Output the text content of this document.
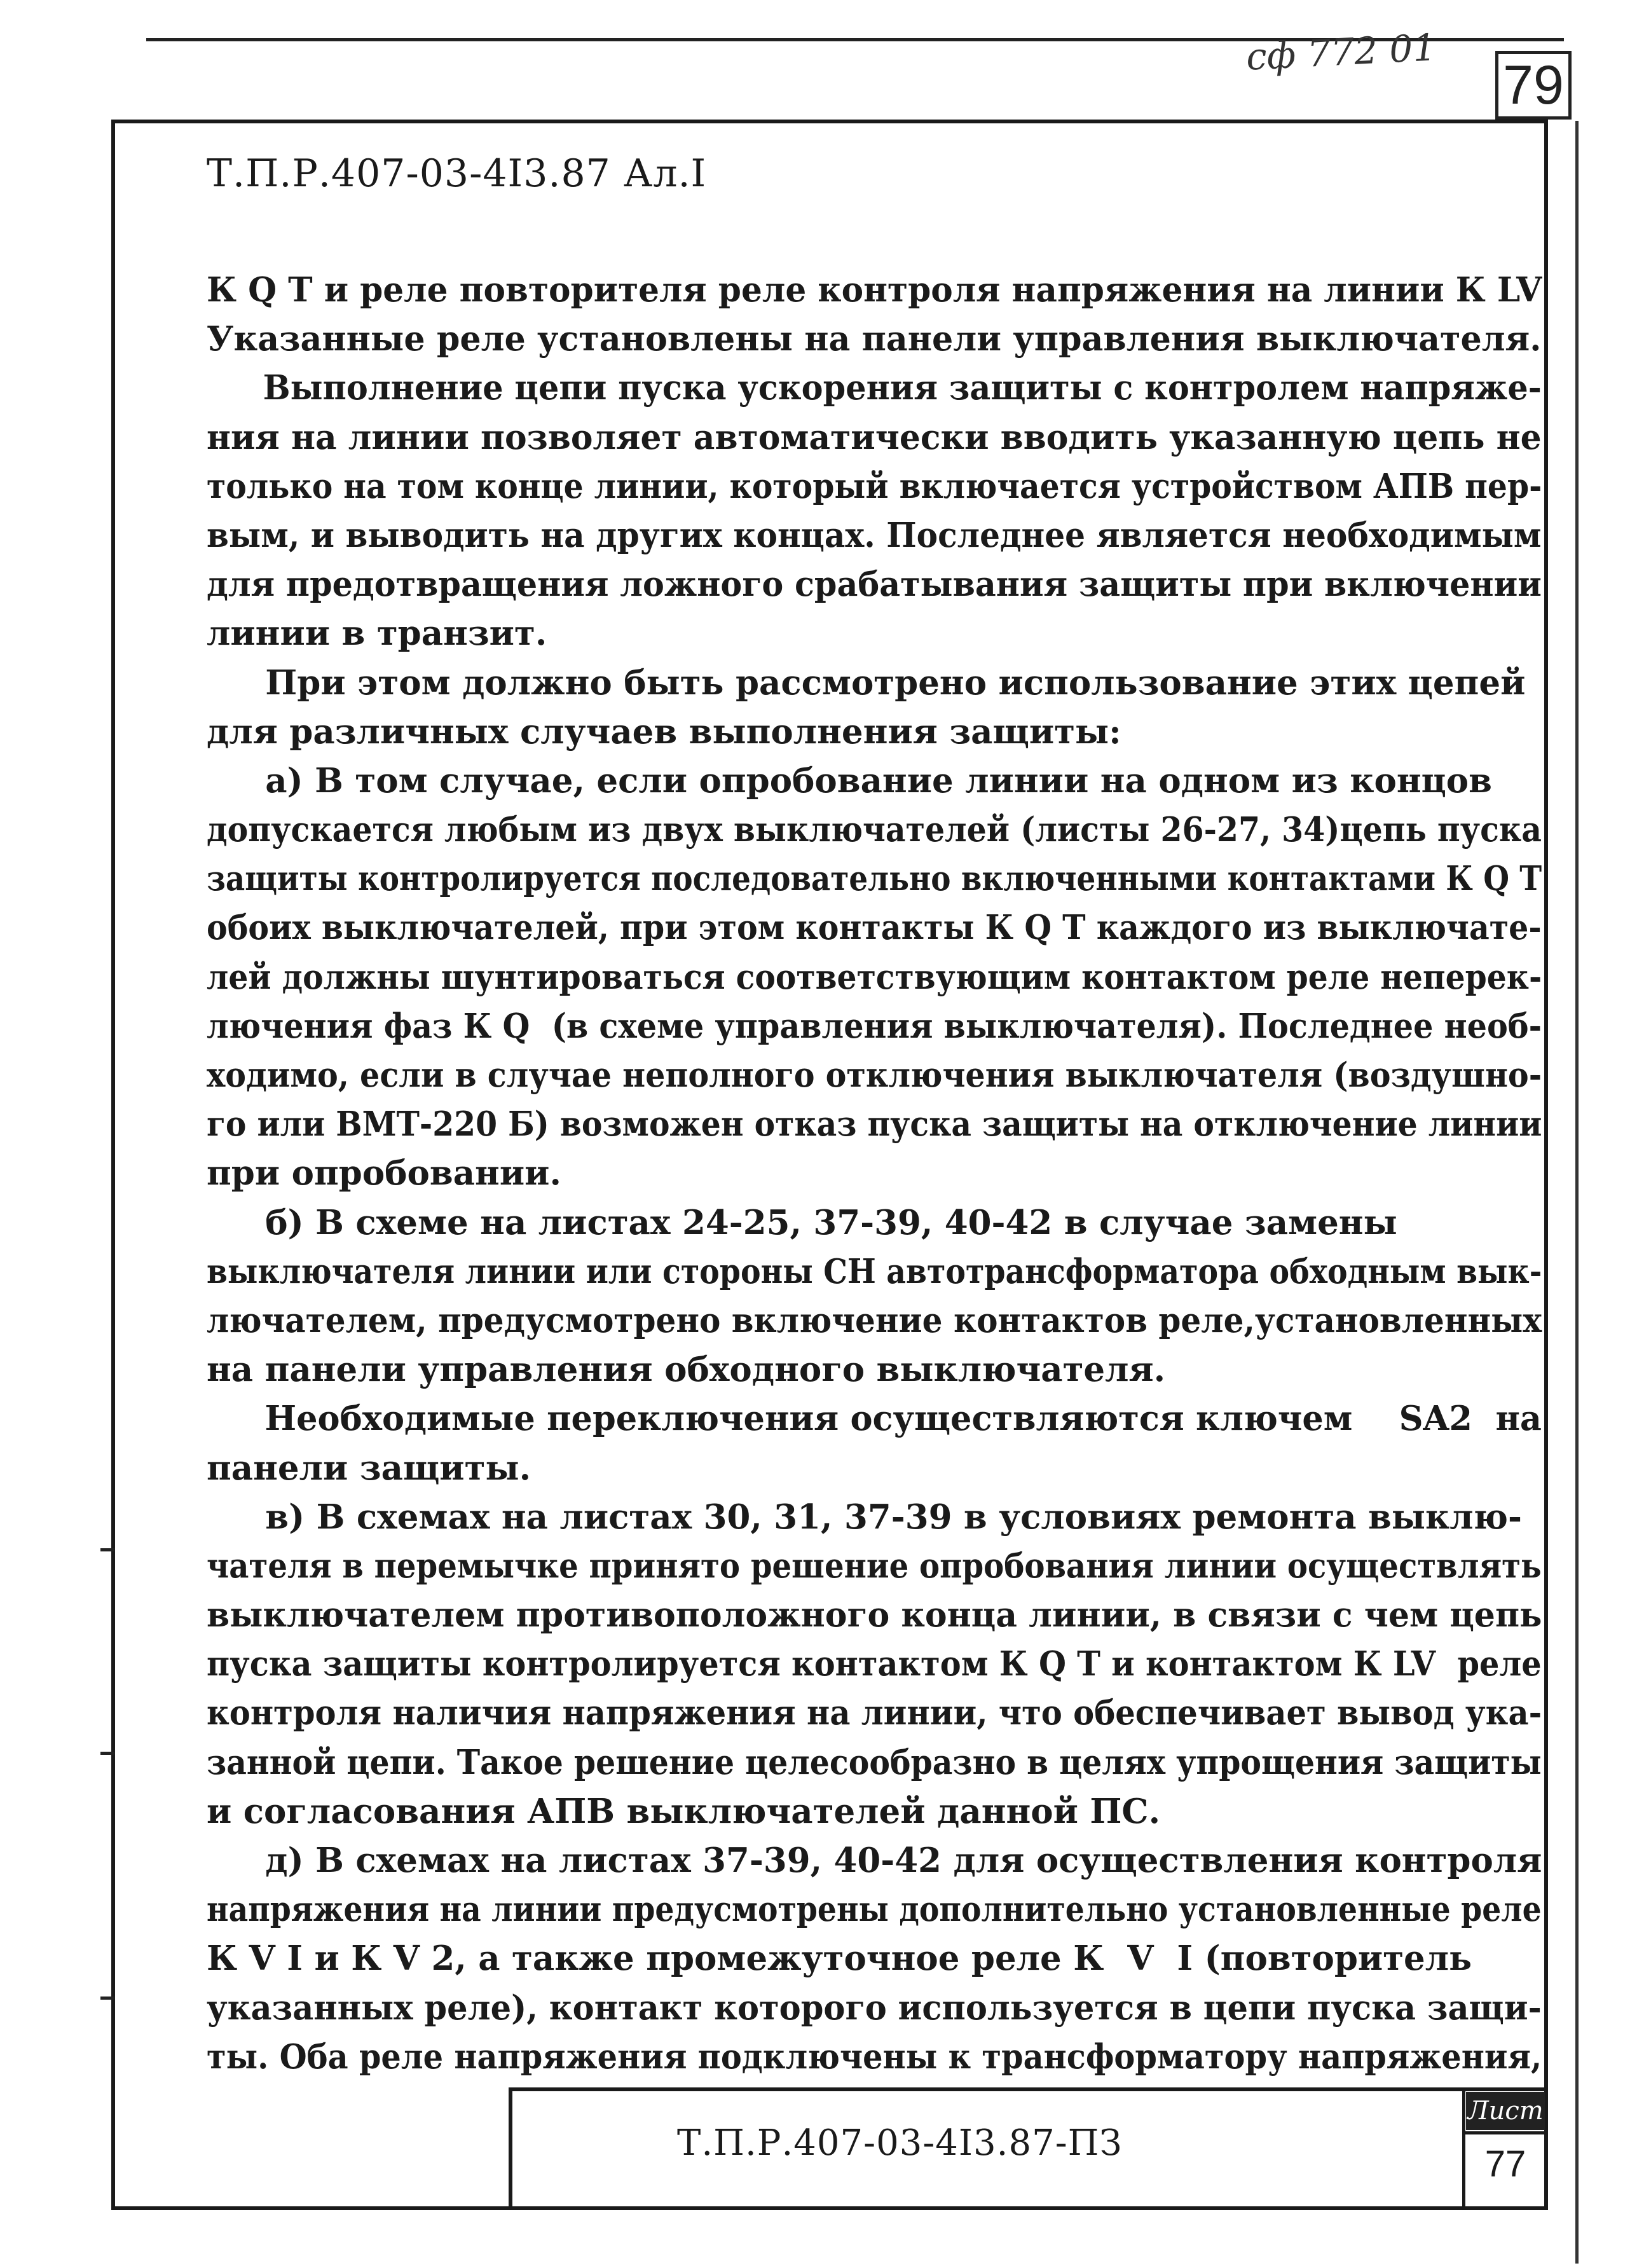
сф 772 01
79
Т.П.Р.407-03-4I3.87 Ал.I
К Q Т и реле повторителя реле контроля напряжения на линии К LV
Указанные реле установлены на панели управления выключателя.
Выполнение цепи пуска ускорения защиты с контролем напряже-
ния на линии позволяет автоматически вводить указанную цепь не
только на том конце линии, который включается устройством АПВ пер-
вым, и выводить на других концах. Последнее является необходимым
для предотвращения ложного срабатывания защиты при включении
линии в транзит.
При этом должно быть рассмотрено использование этих цепей
для различных случаев выполнения защиты:
а) В том случае, если опробование линии на одном из концов
допускается любым из двух выключателей (листы 26-27, 34)цепь пуска
защиты контролируется последовательно включенными контактами К Q Т
обоих выключателей, при этом контакты К Q Т каждого из выключате-
лей должны шунтироваться соответствующим контактом реле неперек-
лючения фаз К Q  (в схеме управления выключателя). Последнее необ-
ходимо, если в случае неполного отключения выключателя (воздушно-
го или ВМТ-220 Б) возможен отказ пуска защиты на отключение линии
при опробовании.
б) В схеме на листах 24-25, 37-39, 40-42 в случае замены
выключателя линии или стороны СН автотрансформатора обходным вык-
лючателем, предусмотрено включение контактов реле,установленных
на панели управления обходного выключателя.
Необходимые переключения осуществляются ключем    SA2  на
панели защиты.
в) В схемах на листах 30, 31, 37-39 в условиях ремонта выклю-
чателя в перемычке принято решение опробования линии осуществлять
выключателем противоположного конца линии, в связи с чем цепь
пуска защиты контролируется контактом К Q Т и контактом К LV  реле
контроля наличия напряжения на линии, что обеспечивает вывод ука-
занной цепи. Такое решение целесообразно в целях упрощения защиты
и согласования АПВ выключателей данной ПС.
д) В схемах на листах 37-39, 40-42 для осуществления контроля
напряжения на линии предусмотрены дополнительно установленные реле
К V I и К V 2, а также промежуточное реле К  V  I (повторитель
указанных реле), контакт которого используется в цепи пуска защи-
ты. Оба реле напряжения подключены к трансформатору напряжения,
Т.П.Р.407-03-4I3.87-ПЗ
Лист
77
